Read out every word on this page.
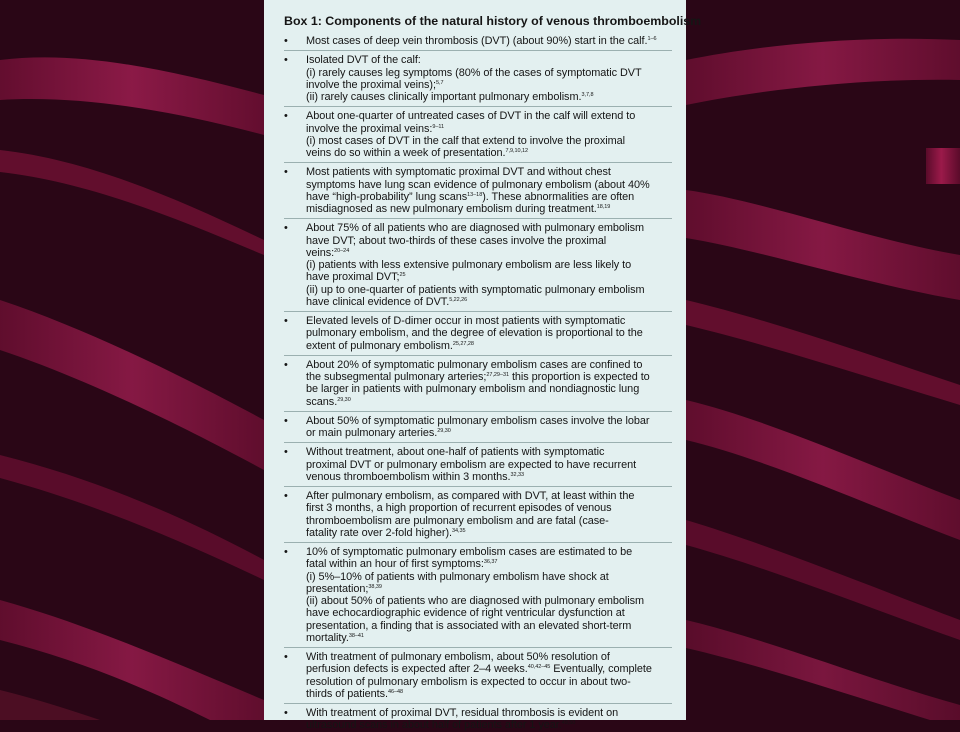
Box 1: Components of the natural history of venous thromboembolism
• Most cases of deep vein thrombosis (DVT) (about 90%) start in the calf.$^{1-6}$
• Isolated DVT of the calf:
(i) rarely causes leg symptoms (80% of the cases of symptomatic DVT
involve the proximal veins);$^{5,7}$
(ii) rarely causes clinically important pulmonary embolism.$^{3,7,8}$
• About one-quarter of untreated cases of DVT in the calf will extend to
involve the proximal veins:$^{9-11}$
(i) most cases of DVT in the calf that extend to involve the proximal
veins do so within a week of presentation.$^{7,9,10,12}$
• Most patients with symptomatic proximal DVT and without chest
symptoms have lung scan evidence of pulmonary embolism (about 40%
have “high-probability” lung scans$^{13-18}$). These abnormalities are often
misdiagnosed as new pulmonary embolism during treatment.$^{18,19}$
• About 75% of all patients who are diagnosed with pulmonary embolism
have DVT; about two-thirds of these cases involve the proximal
veins:$^{20-24}$
(i) patients with less extensive pulmonary embolism are less likely to
have proximal DVT;$^{25}$
(ii) up to one-quarter of patients with symptomatic pulmonary embolism
have clinical evidence of DVT.$^{5,22,26}$
• Elevated levels of D-dimer occur in most patients with symptomatic
pulmonary embolism, and the degree of elevation is proportional to the
extent of pulmonary embolism.$^{25,27,28}$
• About 20% of symptomatic pulmonary embolism cases are confined to
the subsegmental pulmonary arteries;$^{27,29-31}$ this proportion is expected to
be larger in patients with pulmonary embolism and nondiagnostic lung
scans.$^{29,30}$
• About 50% of symptomatic pulmonary embolism cases involve the lobar
or main pulmonary arteries.$^{29,30}$
• Without treatment, about one-half of patients with symptomatic
proximal DVT or pulmonary embolism are expected to have recurrent
venous thromboembolism within 3 months.$^{32,33}$
• After pulmonary embolism, as compared with DVT, at least within the
first 3 months, a high proportion of recurrent episodes of venous
thromboembolism are pulmonary embolism and are fatal (case-
fatality rate over 2-fold higher).$^{34,35}$
• 10% of symptomatic pulmonary embolism cases are estimated to be
fatal within an hour of first symptoms:$^{36,37}$
(i) 5%–10% of patients with pulmonary embolism have shock at
presentation;$^{38,39}$
(ii) about 50% of patients who are diagnosed with pulmonary embolism
have echocardiographic evidence of right ventricular dysfunction at
presentation, a finding that is associated with an elevated short-term
mortality.$^{38-41}$
• With treatment of pulmonary embolism, about 50% resolution of
perfusion defects is expected after 2–4 weeks.$^{40,42-45}$ Eventually, complete
resolution of pulmonary embolism is expected to occur in about two-
thirds of patients.$^{46-48}$
• With treatment of proximal DVT, residual thrombosis is evident on
ultrasound scans in about half of patients after 1 year.$^{49,50}$
